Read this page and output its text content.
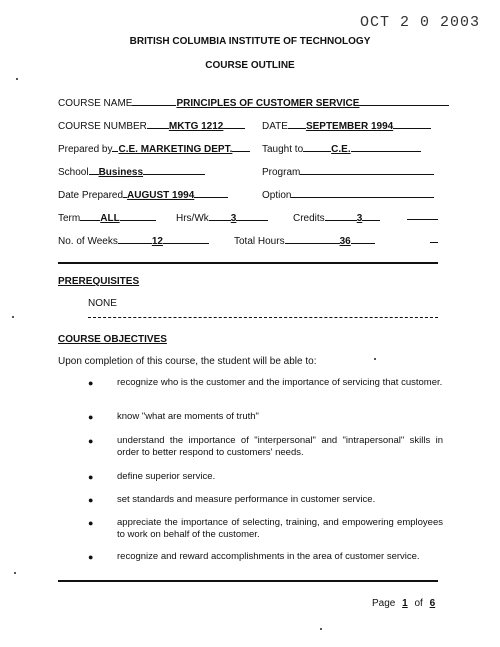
OCT 2 0 2003
BRITISH COLUMBIA INSTITUTE OF TECHNOLOGY
COURSE OUTLINE
COURSE NAME	PRINCIPLES OF CUSTOMER SERVICE
COURSE NUMBER MKTG 1212	DATE SEPTEMBER 1994
Prepared by C.E. MARKETING DEPT.	Taught to	C.E.
School Business	Program
Date Prepared AUGUST 1994	Option
Term ALL	Hrs/Wk 3	Credits	3
No. of Weeks	12	Total Hours	36
PREREQUISITES
NONE
COURSE OBJECTIVES
Upon completion of this course, the student will be able to:
● recognize who is the customer and the importance of servicing that customer.
● know "what are moments of truth"
● understand the importance of "interpersonal" and "intrapersonal" skills in order to better respond to customers' needs.
● define superior service.
● set standards and measure performance in customer service.
● appreciate the importance of selecting, training, and empowering employees to work on behalf of the customer.
● recognize and reward accomplishments in the area of customer service.
Page 1 of 6
